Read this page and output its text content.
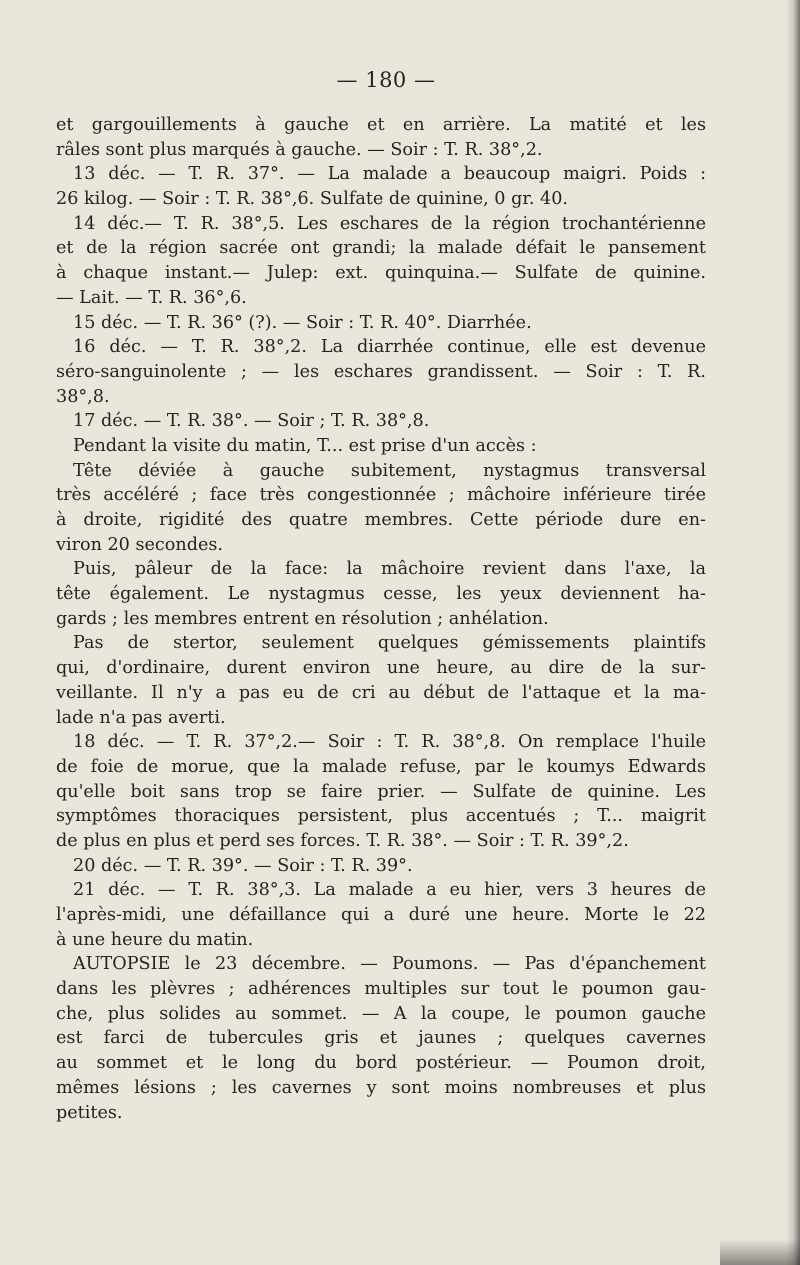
— 180 —
et gargouillements à gauche et en arrière. La matité et les
râles sont plus marqués à gauche. — Soir : T. R. 38°,2.
13 déc. — T. R. 37°. — La malade a beaucoup maigri. Poids :
26 kilog. — Soir : T. R. 38°,6. Sulfate de quinine, 0 gr. 40.
14 déc.— T. R. 38°,5. Les eschares de la région trochantérienne
et de la région sacrée ont grandi; la malade défait le pansement
à chaque instant.— Julep: ext. quinquina.— Sulfate de quinine.
— Lait. — T. R. 36°,6.
15 déc. — T. R. 36° (?). — Soir : T. R. 40°. Diarrhée.
16 déc. — T. R. 38°,2. La diarrhée continue, elle est devenue
séro-sanguinolente ; — les eschares grandissent. — Soir : T. R.
38°,8.
17 déc. — T. R. 38°. — Soir ; T. R. 38°,8.
Pendant la visite du matin, T... est prise d'un accès :
Tête déviée à gauche subitement, nystagmus transversal
très accéléré ; face très congestionnée ; mâchoire inférieure tirée
à droite, rigidité des quatre membres. Cette période dure en-
viron 20 secondes.
Puis, pâleur de la face: la mâchoire revient dans l'axe, la
tête également. Le nystagmus cesse, les yeux deviennent ha-
gards ; les membres entrent en résolution ; anhélation.
Pas de stertor, seulement quelques gémissements plaintifs
qui, d'ordinaire, durent environ une heure, au dire de la sur-
veillante. Il n'y a pas eu de cri au début de l'attaque et la ma-
lade n'a pas averti.
18 déc. — T. R. 37°,2.— Soir : T. R. 38°,8. On remplace l'huile
de foie de morue, que la malade refuse, par le koumys Edwards
qu'elle boit sans trop se faire prier. — Sulfate de quinine. Les
symptômes thoraciques persistent, plus accentués ; T... maigrit
de plus en plus et perd ses forces. T. R. 38°. — Soir : T. R. 39°,2.
20 déc. — T. R. 39°. — Soir : T. R. 39°.
21 déc. — T. R. 38°,3. La malade a eu hier, vers 3 heures de
l'après-midi, une défaillance qui a duré une heure. Morte le 22
à une heure du matin.
AUTOPSIE le 23 décembre. — Poumons. — Pas d'épanchement
dans les plèvres ; adhérences multiples sur tout le poumon gau-
che, plus solides au sommet. — A la coupe, le poumon gauche
est farci de tubercules gris et jaunes ; quelques cavernes
au sommet et le long du bord postérieur. — Poumon droit,
mêmes lésions ; les cavernes y sont moins nombreuses et plus
petites.
